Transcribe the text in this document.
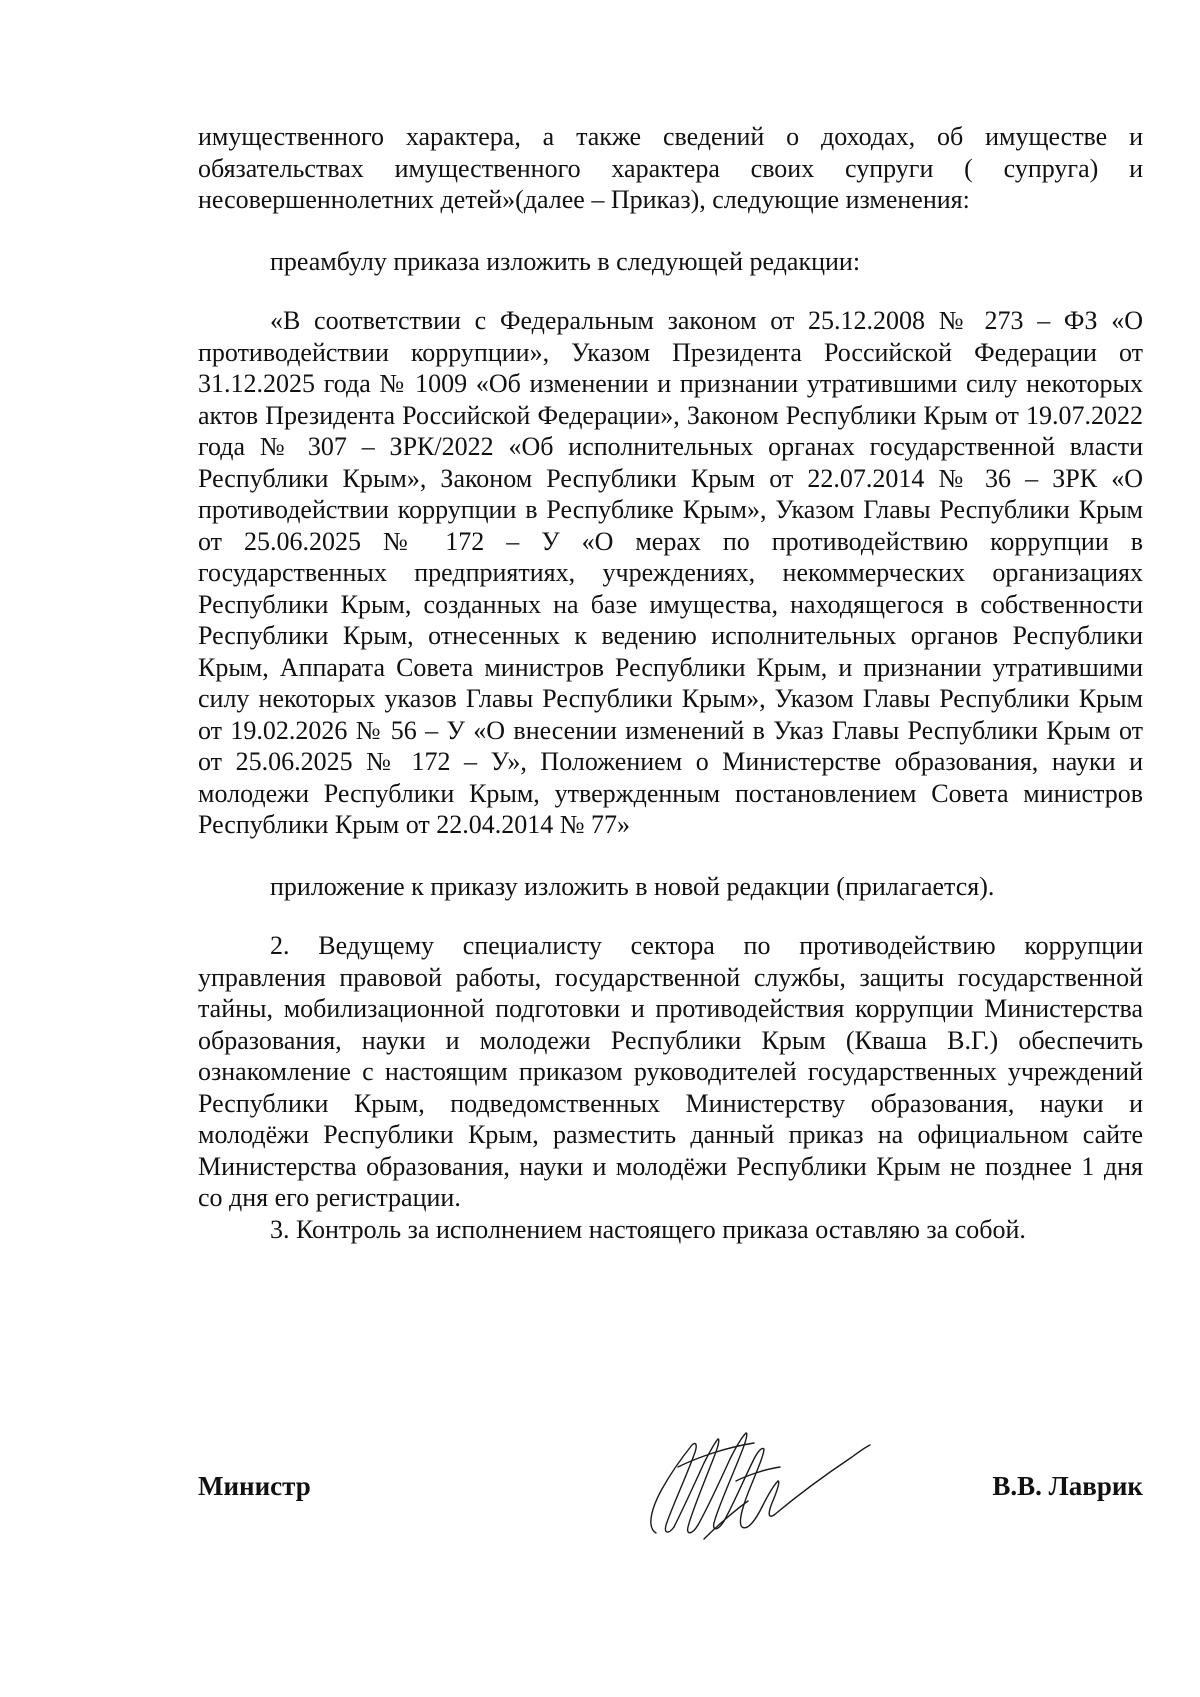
имущественного характера, а также сведений о доходах, об имуществе и обязательствах имущественного характера своих супруги ( супруга) и несовершеннолетних детей»(далее – Приказ), следующие изменения:

преамбулу приказа изложить в следующей редакции:

«В соответствии с Федеральным законом от 25.12.2008 № 273 – ФЗ «О противодействии коррупции», Указом Президента Российской Федерации от 31.12.2025 года № 1009 «Об изменении и признании утратившими силу некоторых актов Президента Российской Федерации», Законом Республики Крым от 19.07.2022 года № 307 – ЗРК/2022 «Об исполнительных органах государственной власти Республики Крым», Законом Республики Крым от 22.07.2014 № 36 – ЗРК «О противодействии коррупции в Республике Крым», Указом Главы Республики Крым от 25.06.2025 № 172 – У «О мерах по противодействию коррупции в государственных предприятиях, учреждениях, некоммерческих организациях Республики Крым, созданных на базе имущества, находящегося в собственности Республики Крым, отнесенных к ведению исполнительных органов Республики Крым, Аппарата Совета министров Республики Крым, и признании утратившими силу некоторых указов Главы Республики Крым», Указом Главы Республики Крым от 19.02.2026 № 56 – У «О внесении изменений в Указ Главы Республики Крым от от 25.06.2025 № 172 – У», Положением о Министерстве образования, науки и молодежи Республики Крым, утвержденным постановлением Совета министров Республики Крым от 22.04.2014 № 77»

приложение к приказу изложить в новой редакции (прилагается).

2. Ведущему специалисту сектора по противодействию коррупции управления правовой работы, государственной службы, защиты государственной тайны, мобилизационной подготовки и противодействия коррупции Министерства образования, науки и молодежи Республики Крым (Кваша В.Г.) обеспечить ознакомление с настоящим приказом руководителей государственных учреждений Республики Крым, подведомственных Министерству образования, науки и молодёжи Республики Крым, разместить данный приказ на официальном сайте Министерства образования, науки и молодёжи Республики Крым не позднее 1 дня со дня его регистрации.

3. Контроль за исполнением настоящего приказа оставляю за собой.

Министр	В.В. Лаврик
